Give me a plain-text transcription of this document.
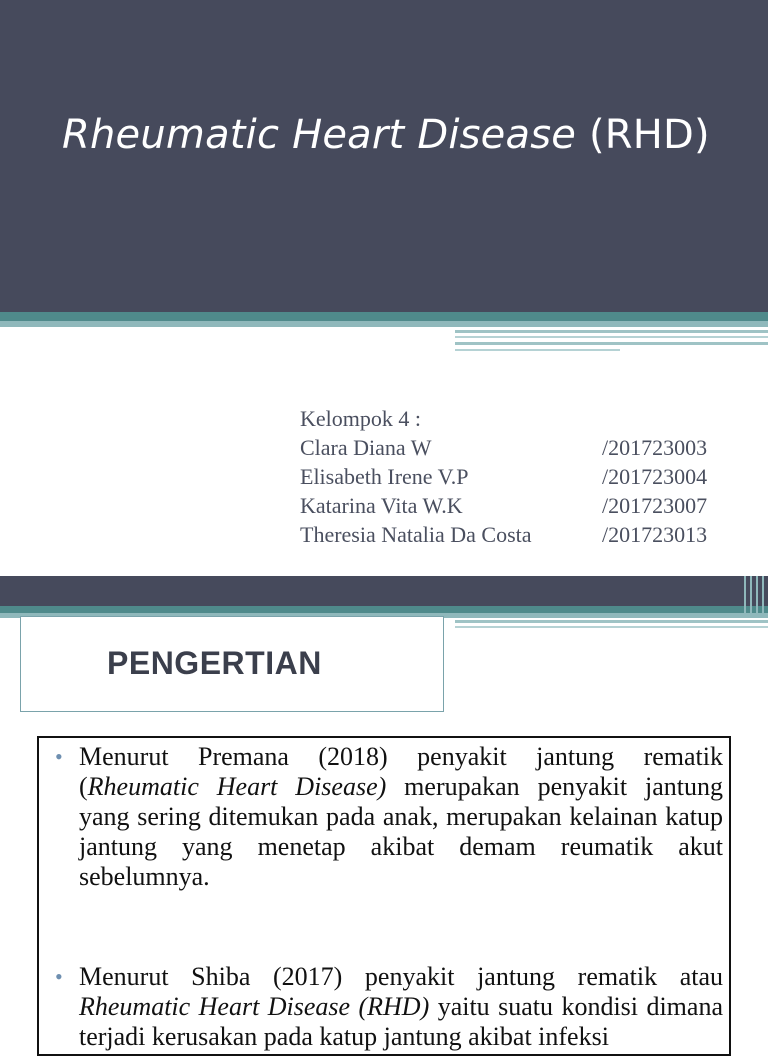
Rheumatic Heart Disease (RHD)
Kelompok 4 :
Clara Diana W	/201723003
Elisabeth Irene V.P	/201723004
Katarina Vita W.K	/201723007
Theresia Natalia Da Costa	/201723013
PENGERTIAN
• Menurut Premana (2018) penyakit jantung rematik (Rheumatic Heart Disease) merupakan penyakit jantung yang sering ditemukan pada anak, merupakan kelainan katup jantung yang menetap akibat demam reumatik akut sebelumnya.
• Menurut Shiba (2017) penyakit jantung rematik atau Rheumatic Heart Disease (RHD) yaitu suatu kondisi dimana terjadi kerusakan pada katup jantung akibat infeksi
